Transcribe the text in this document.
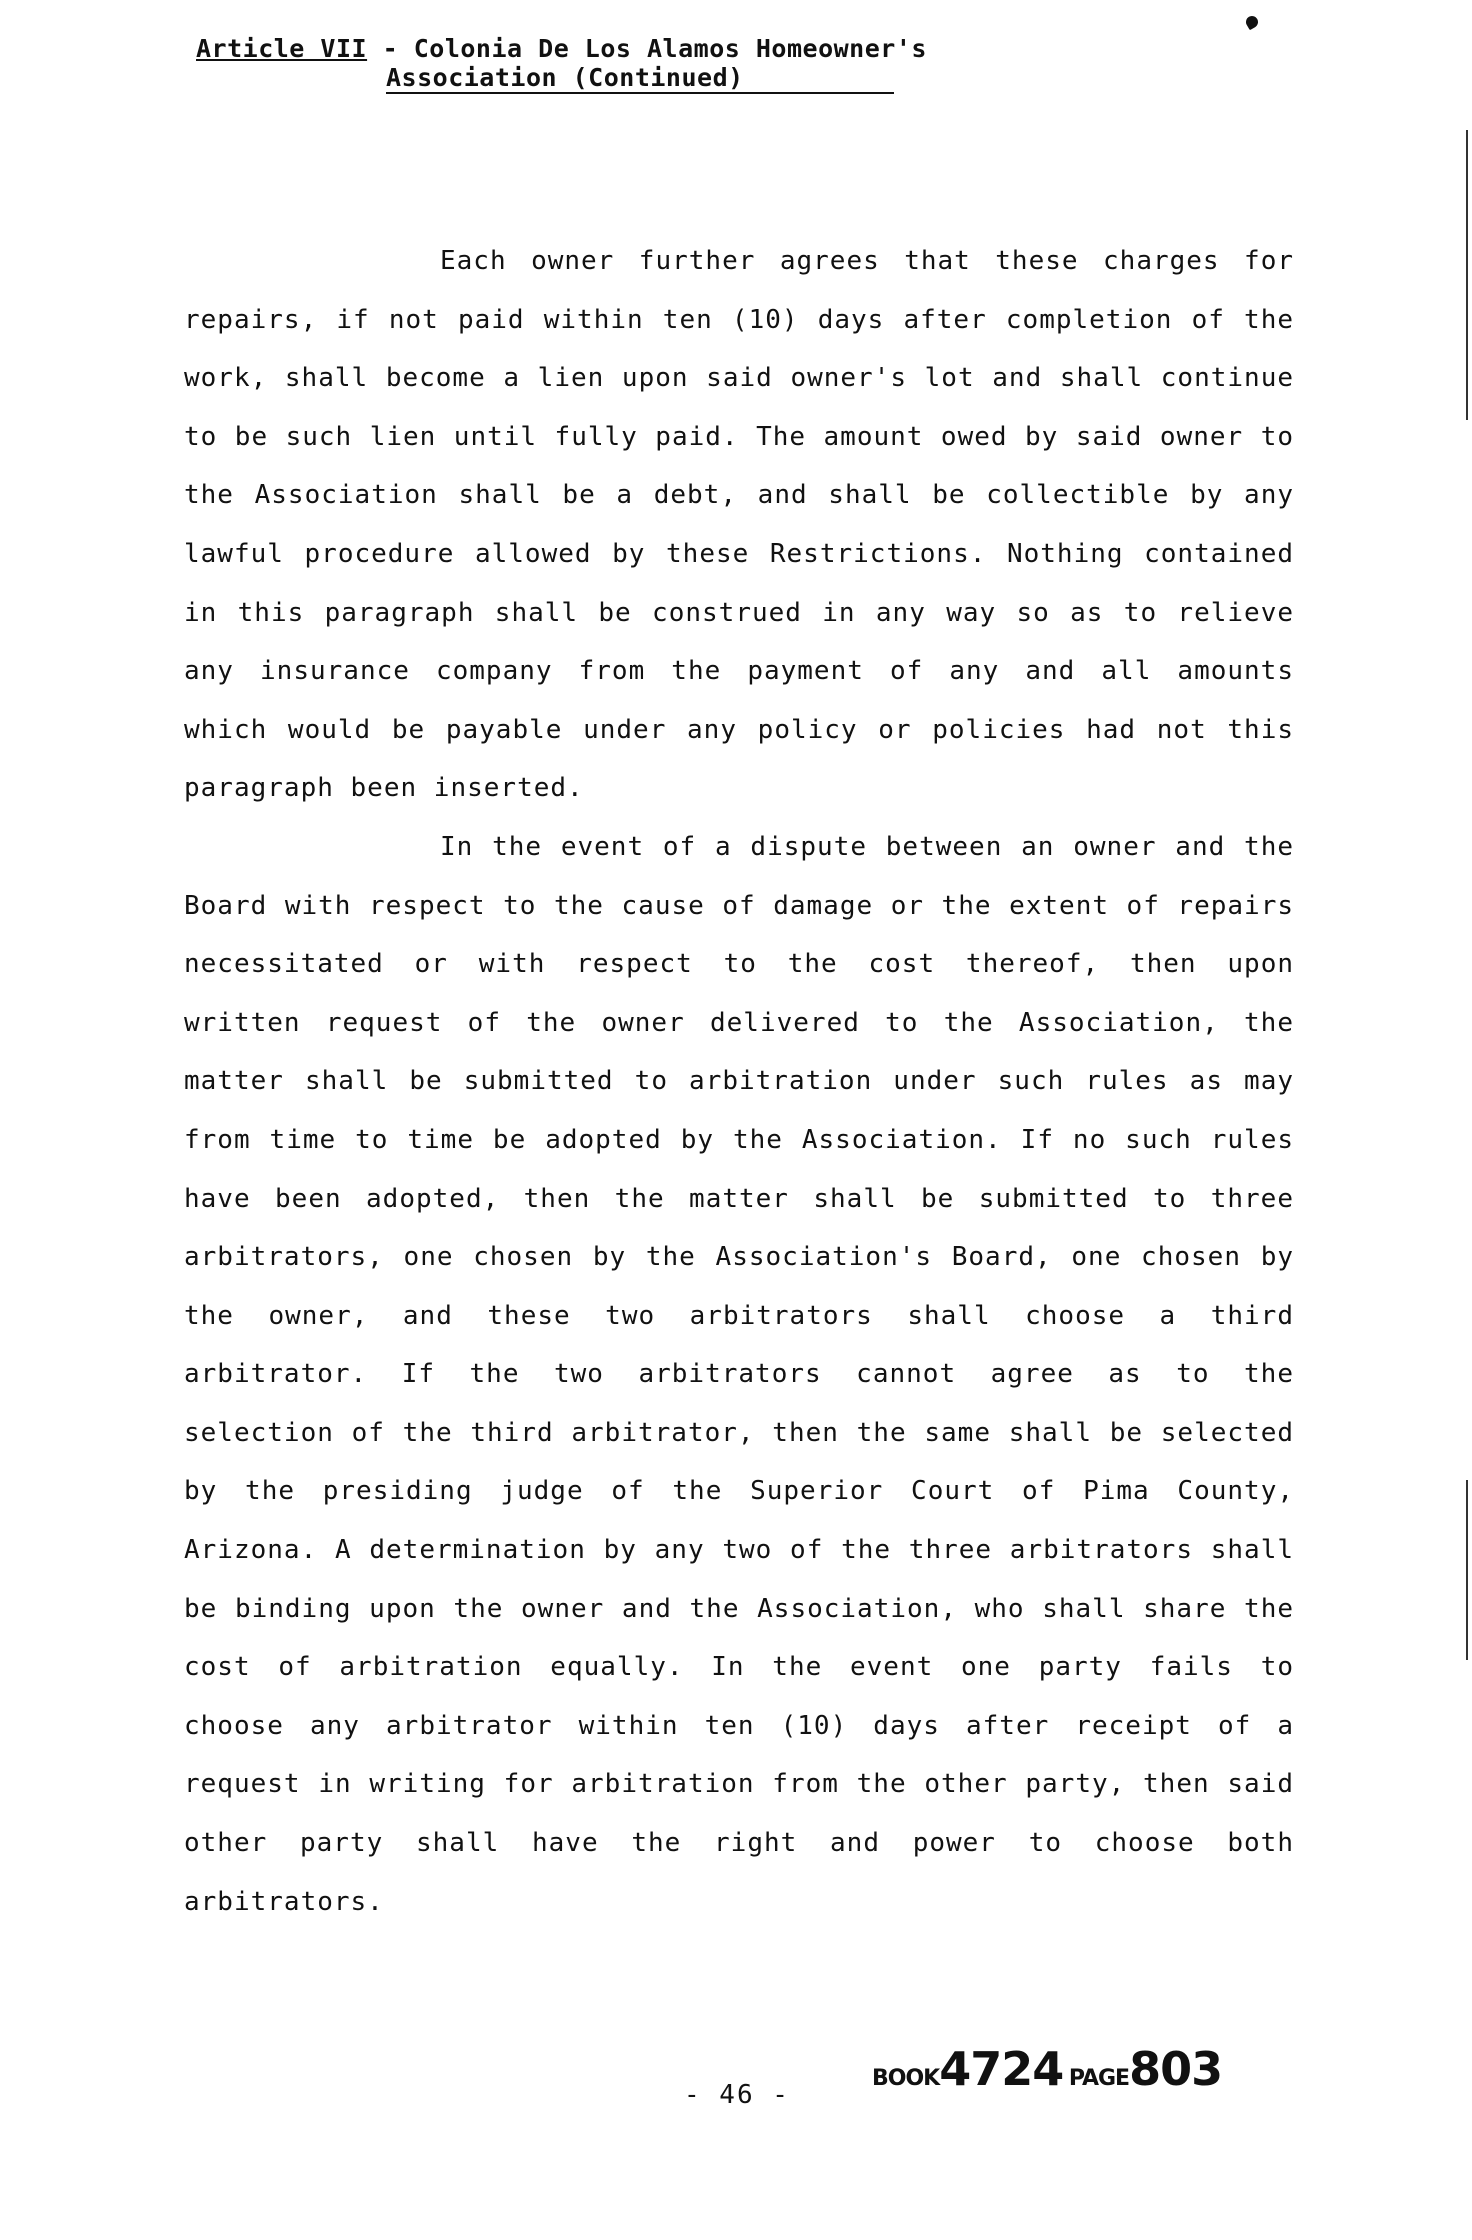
Article VII - Colonia De Los Alamos Homeowner's
Association (Continued)

Each owner further agrees that these charges for repairs, if not paid within ten (10) days after completion of the work, shall become a lien upon said owner's lot and shall continue to be such lien until fully paid. The amount owed by said owner to the Association shall be a debt, and shall be collectible by any lawful procedure allowed by these Restrictions. Nothing contained in this paragraph shall be construed in any way so as to relieve any insurance company from the payment of any and all amounts which would be payable under any policy or policies had not this paragraph been inserted.

In the event of a dispute between an owner and the Board with respect to the cause of damage or the extent of repairs necessitated or with respect to the cost thereof, then upon written request of the owner delivered to the Association, the matter shall be submitted to arbitration under such rules as may from time to time be adopted by the Association. If no such rules have been adopted, then the matter shall be submitted to three arbitrators, one chosen by the Association's Board, one chosen by the owner, and these two arbitrators shall choose a third arbitrator. If the two arbitrators cannot agree as to the selection of the third arbitrator, then the same shall be selected by the presiding judge of the Superior Court of Pima County, Arizona. A determination by any two of the three arbitrators shall be binding upon the owner and the Association, who shall share the cost of arbitration equally. In the event one party fails to choose any arbitrator within ten (10) days after receipt of a request in writing for arbitration from the other party, then said other party shall have the right and power to choose both arbitrators.

- 46 -
BOOK4724 PAGE803
